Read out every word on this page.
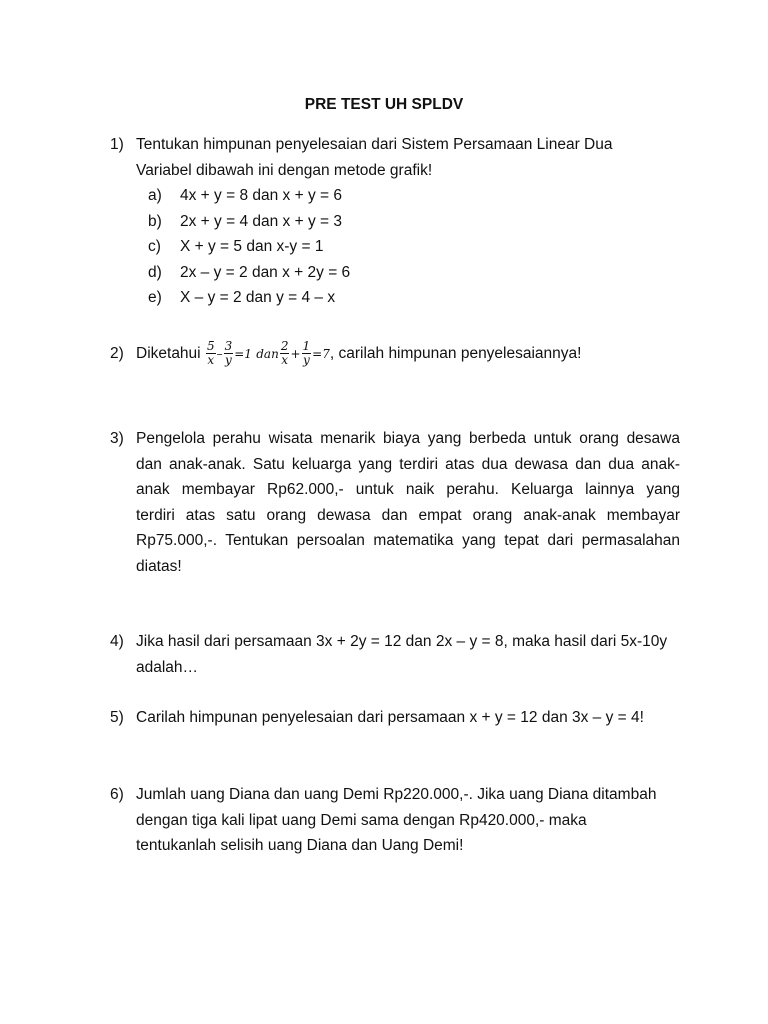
PRE TEST UH SPLDV
1) Tentukan himpunan penyelesaian dari Sistem Persamaan Linear Dua
Variabel dibawah ini dengan metode grafik!
a) 4x + y = 8 dan x + y = 6
b) 2x + y = 4 dan x + y = 3
c) X + y = 5 dan x-y = 1
d) 2x – y = 2 dan x + 2y = 6
e) X – y = 2 dan y = 4 – x
2) Diketahui $\frac{5}{x} - \frac{3}{y} =1$ dan $\frac{2}{x} + \frac{1}{y} =7$, carilah himpunan penyelesaiannya!
3) Pengelola perahu wisata menarik biaya yang berbeda untuk orang desawa
dan anak-anak. Satu keluarga yang terdiri atas dua dewasa dan dua anak-
anak membayar Rp62.000,- untuk naik perahu. Keluarga lainnya yang
terdiri atas satu orang dewasa dan empat orang anak-anak membayar
Rp75.000,-. Tentukan persoalan matematika yang tepat dari permasalahan
diatas!
4) Jika hasil dari persamaan 3x + 2y = 12 dan 2x – y = 8, maka hasil dari 5x-10y
adalah…
5) Carilah himpunan penyelesaian dari persamaan x + y = 12 dan 3x – y = 4!
6) Jumlah uang Diana dan uang Demi Rp220.000,-. Jika uang Diana ditambah
dengan tiga kali lipat uang Demi sama dengan Rp420.000,- maka
tentukanlah selisih uang Diana dan Uang Demi!
